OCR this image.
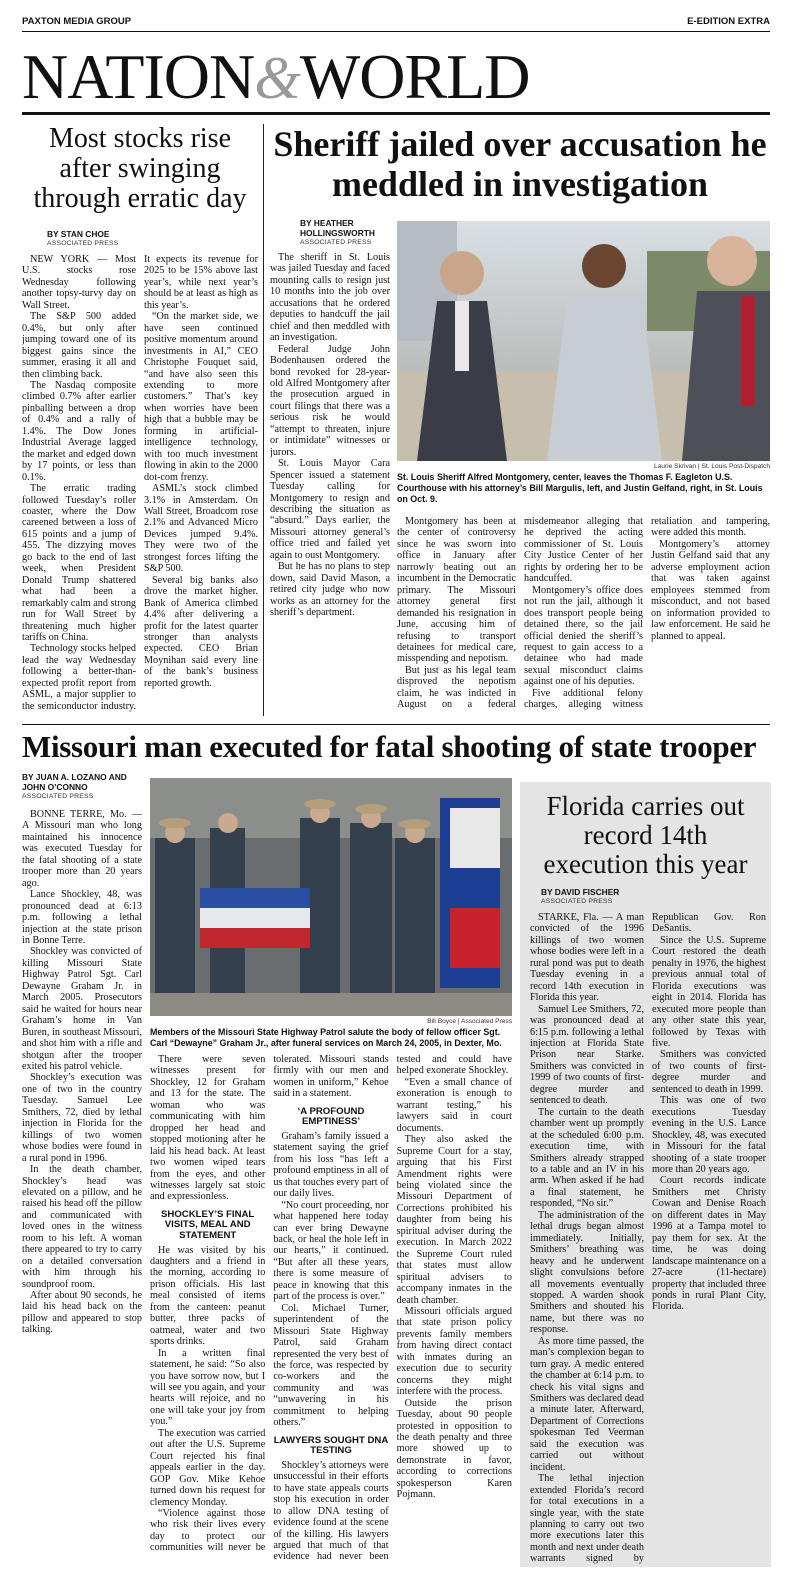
PAXTON MEDIA GROUP	E-EDITION EXTRA
NATION&WORLD
Most stocks rise after swinging through erratic day
BY STAN CHOE
ASSOCIATED PRESS

NEW YORK — Most U.S. stocks rose Wednesday following another topsy-turvy day on Wall Street.

The S&P 500 added 0.4%, but only after jumping toward one of its biggest gains since the summer, erasing it all and then climbing back.

The Nasdaq composite climbed 0.7% after earlier pinballing between a drop of 0.4% and a rally of 1.4%. The Dow Jones Industrial Average lagged the market and edged down by 17 points, or less than 0.1%.

The erratic trading followed Tuesday’s roller coaster, where the Dow careened between a loss of 615 points and a jump of 455. The dizzying moves go back to the end of last week, when President Donald Trump shattered what had been a remarkably calm and strong run for Wall Street by threatening much higher tariffs on China.

Technology stocks helped lead the way Wednesday following a better-than-expected profit report from ASML, a major supplier to the semiconductor industry. It expects its revenue for 2025 to be 15% above last year’s, while next year’s should be at least as high as this year’s.

“On the market side, we have seen continued positive momentum around investments in AI,” CEO Christophe Fouquet said, “and have also seen this extending to more customers.” That’s key when worries have been high that a bubble may be forming in artificial-intelligence technology, with too much investment flowing in akin to the 2000 dot-com frenzy.

ASML’s stock climbed 3.1% in Amsterdam. On Wall Street, Broadcom rose 2.1% and Advanced Micro Devices jumped 9.4%. They were two of the strongest forces lifting the S&P 500.

Several big banks also drove the market higher. Bank of America climbed 4.4% after delivering a profit for the latest quarter stronger than analysts expected. CEO Brian Moynihan said every line of the bank’s business reported growth.

Sheriff jailed over accusation he meddled in investigation
BY HEATHER HOLLINGSWORTH
ASSOCIATED PRESS

The sheriff in St. Louis was jailed Tuesday and faced mounting calls to resign just 10 months into the job over accusations that he ordered deputies to handcuff the jail chief and then meddled with an investigation.

Federal Judge John Bodenhausen ordered the bond revoked for 28-year-old Alfred Montgomery after the prosecution argued in court filings that there was a serious risk he would “attempt to threaten, injure or intimidate” witnesses or jurors.

St. Louis Mayor Cara Spencer issued a statement Tuesday calling for Montgomery to resign and describing the situation as “absurd.” Days earlier, the Missouri attorney general’s office tried and failed yet again to oust Montgomery.

But he has no plans to step down, said David Mason, a retired city judge who now works as an attorney for the sheriff’s department.

Laurie Skrivan | St. Louis Post-Dispatch
St. Louis Sheriff Alfred Montgomery, center, leaves the Thomas F. Eagleton U.S. Courthouse with his attorney’s Bill Margulis, left, and Justin Gelfand, right, in St. Louis on Oct. 9.

Montgomery has been at the center of controversy since he was sworn into office in January after narrowly beating out an incumbent in the Democratic primary. The Missouri attorney general first demanded his resignation in June, accusing him of refusing to transport detainees for medical care, misspending and nepotism.

But just as his legal team disproved the nepotism claim, he was indicted in August on a federal misdemeanor alleging that he deprived the acting commissioner of St. Louis City Justice Center of her rights by ordering her to be handcuffed.

Montgomery’s office does not run the jail, although it does transport people being detained there, so the jail official denied the sheriff’s request to gain access to a detainee who had made sexual misconduct claims against one of his deputies.

Five additional felony charges, alleging witness retaliation and tampering, were added this month.

Montgomery’s attorney Justin Gelfand said that any adverse employment action that was taken against employees stemmed from misconduct, and not based on information provided to law enforcement. He said he planned to appeal.

Missouri man executed for fatal shooting of state trooper
BY JUAN A. LOZANO AND JOHN O’CONNO
ASSOCIATED PRESS

BONNE TERRE, Mo. — A Missouri man who long maintained his innocence was executed Tuesday for the fatal shooting of a state trooper more than 20 years ago.

Lance Shockley, 48, was pronounced dead at 6:13 p.m. following a lethal injection at the state prison in Bonne Terre.

Shockley was convicted of killing Missouri State Highway Patrol Sgt. Carl Dewayne Graham Jr. in March 2005. Prosecutors said he waited for hours near Graham’s home in Van Buren, in southeast Missouri, and shot him with a rifle and shotgun after the trooper exited his patrol vehicle.

Shockley’s execution was one of two in the country Tuesday. Samuel Lee Smithers, 72, died by lethal injection in Florida for the killings of two women whose bodies were found in a rural pond in 1996.

In the death chamber, Shockley’s head was elevated on a pillow, and he raised his head off the pillow and communicated with loved ones in the witness room to his left. A woman there appeared to try to carry on a detailed conversation with him through his soundproof room.

After about 90 seconds, he laid his head back on the pillow and appeared to stop talking.

Bill Boyce | Associated Press
Members of the Missouri State Highway Patrol salute the body of fellow officer Sgt. Carl “Dewayne” Graham Jr., after funeral services on March 24, 2005, in Dexter, Mo.

There were seven witnesses present for Shockley, 12 for Graham and 13 for the state. The woman who was communicating with him dropped her head and stopped motioning after he laid his head back. At least two women wiped tears from the eyes, and other witnesses largely sat stoic and expressionless.

SHOCKLEY’S FINAL VISITS, MEAL AND STATEMENT

He was visited by his daughters and a friend in the morning, according to prison officials. His last meal consisted of items from the canteen: peanut butter, three packs of oatmeal, water and two sports drinks.

In a written final statement, he said: “So also you have sorrow now, but I will see you again, and your hearts will rejoice, and no one will take your joy from you.”

The execution was carried out after the U.S. Supreme Court rejected his final appeals earlier in the day. GOP Gov. Mike Kehoe turned down his request for clemency Monday.

“Violence against those who risk their lives every day to protect our communities will never be tolerated. Missouri stands firmly with our men and women in uniform,” Kehoe said in a statement.

‘A PROFOUND EMPTINESS’

Graham’s family issued a statement saying the grief from his loss “has left a profound emptiness in all of us that touches every part of our daily lives.

“No court proceeding, nor what happened here today can ever bring Dewayne back, or heal the hole left in our hearts,” it continued. “But after all these years, there is some measure of peace in knowing that this part of the process is over.”

Col. Michael Turner, superintendent of the Missouri State Highway Patrol, said Graham represented the very best of the force, was respected by co-workers and the community and was “unwavering in his commitment to helping others.”

LAWYERS SOUGHT DNA TESTING

Shockley’s attorneys were unsuccessful in their efforts to have state appeals courts stop his execution in order to allow DNA testing of evidence found at the scene of the killing. His lawyers argued that much of that evidence had never been tested and could have helped exonerate Shockley.

“Even a small chance of exoneration is enough to warrant testing,” his lawyers said in court documents.

They also asked the Supreme Court for a stay, arguing that his First Amendment rights were being violated since the Missouri Department of Corrections prohibited his daughter from being his spiritual adviser during the execution. In March 2022 the Supreme Court ruled that states must allow spiritual advisers to accompany inmates in the death chamber.

Missouri officials argued that state prison policy prevents family members from having direct contact with inmates during an execution due to security concerns they might interfere with the process.

Outside the prison Tuesday, about 90 people protested in opposition to the death penalty and three more showed up to demonstrate in favor, according to corrections spokesperson Karen Pojmann.

Florida carries out record 14th execution this year
BY DAVID FISCHER
ASSOCIATED PRESS

STARKE, Fla. — A man convicted of the 1996 killings of two women whose bodies were left in a rural pond was put to death Tuesday evening in a record 14th execution in Florida this year.

Samuel Lee Smithers, 72, was pronounced dead at 6:15 p.m. following a lethal injection at Florida State Prison near Starke. Smithers was convicted in 1999 of two counts of first-degree murder and sentenced to death.

The curtain to the death chamber went up promptly at the scheduled 6:00 p.m. execution time, with Smithers already strapped to a table and an IV in his arm. When asked if he had a final statement, he responded, “No sir.”

The administration of the lethal drugs began almost immediately. Initially, Smithers’ breathing was heavy and he underwent slight convulsions before all movements eventually stopped. A warden shook Smithers and shouted his name, but there was no response.

As more time passed, the man’s complexion began to turn gray. A medic entered the chamber at 6:14 p.m. to check his vital signs and Smithers was declared dead a minute later. Afterward, Department of Corrections spokesman Ted Veerman said the execution was carried out without incident.

The lethal injection extended Florida’s record for total executions in a single year, with the state planning to carry out two more executions later this month and next under death warrants signed by Republican Gov. Ron DeSantis.

Since the U.S. Supreme Court restored the death penalty in 1976, the highest previous annual total of Florida executions was eight in 2014. Florida has executed more people than any other state this year, followed by Texas with five.

Smithers was convicted of two counts of first-degree murder and sentenced to death in 1999.

This was one of two executions Tuesday evening in the U.S. Lance Shockley, 48, was executed in Missouri for the fatal shooting of a state trooper more than 20 years ago.

Court records indicate Smithers met Christy Cowan and Denise Roach on different dates in May 1996 at a Tampa motel to pay them for sex. At the time, he was doing landscape maintenance on a 27-acre (11-hectare) property that included three ponds in rural Plant City, Florida.
